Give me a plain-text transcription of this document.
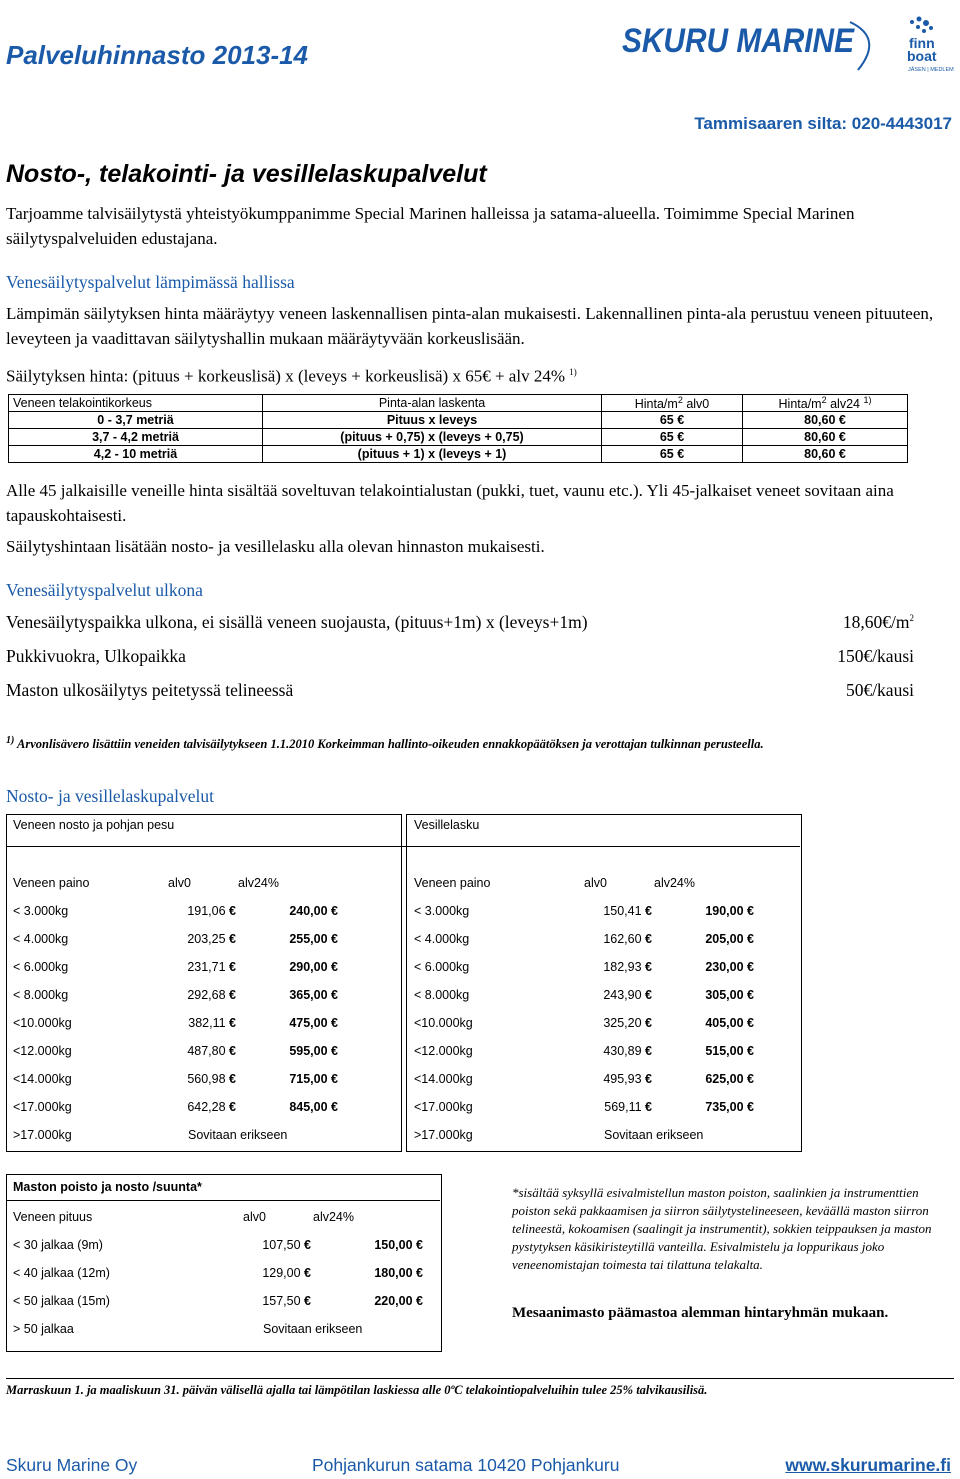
Palveluhinnasto 2013-14	SKURU MARINE	finn
boat
JÄSEN | MEDLEM
Tammisaaren silta: 020-4443017
Nosto-, telakointi- ja vesillelaskupalvelut
Tarjoamme talvisäilytystä yhteistyökumppanimme Special Marinen halleissa ja satama-alueella. Toimimme Special Marinen säilytyspalveluiden edustajana.
Venesäilytyspalvelut lämpimässä hallissa
Lämpimän säilytyksen hinta määräytyy veneen laskennallisen pinta-alan mukaisesti. Lakennallinen pinta-ala perustuu veneen pituuteen, leveyteen ja vaadittavan säilytyshallin mukaan määräytyvään korkeuslisään.
Säilytyksen hinta: (pituus + korkeuslisä) x (leveys + korkeuslisä) x 65€ + alv 24% $^{1)}$
Veneen telakointikorkeus	Pinta-alan laskenta	Hinta/$m^2$ alv0	Hinta/$m^2$ alv24 $^{1)}$
0 - 3,7 metriä	Pituus x leveys	65 €	80,60 €
3,7 - 4,2 metriä	(pituus + 0,75) x (leveys + 0,75)	65 €	80,60 €
4,2 - 10 metriä	(pituus + 1) x (leveys + 1)	65 €	80,60 €
Alle 45 jalkaisille veneille hinta sisältää soveltuvan telakointialustan (pukki, tuet, vaunu etc.). Yli 45-jalkaiset veneet sovitaan aina tapauskohtaisesti.
Säilytyshintaan lisätään nosto- ja vesillelasku alla olevan hinnaston mukaisesti.
Venesäilytyspalvelut ulkona
Venesäilytyspaikka ulkona, ei sisällä veneen suojausta, (pituus+1m) x (leveys+1m)	$18,60€/m^2$
Pukkivuokra, Ulkopaikka	150€/kausi
Maston ulkosäilytys peitetyssä telineessä	50€/kausi
$^{1)}$ Arvonlisävero lisättiin veneiden talvisäilytykseen 1.1.2010 Korkeimman hallinto-oikeuden ennakkopäätöksen ja verottajan tulkinnan perusteella.
Nosto- ja vesillelaskupalvelut
Veneen nosto ja pohjan pesu	Vesillelasku
Veneen paino	alv0	alv24%
< 3.000kg	191,06 €	240,00 €
< 4.000kg	203,25 €	255,00 €
< 6.000kg	231,71 €	290,00 €
< 8.000kg	292,68 €	365,00 €
<10.000kg	382,11 €	475,00 €
<12.000kg	487,80 €	595,00 €
<14.000kg	560,98 €	715,00 €
<17.000kg	642,28 €	845,00 €
>17.000kg	Sovitaan erikseen	
Veneen paino	alv0	alv24%
< 3.000kg	150,41 €	190,00 €
< 4.000kg	162,60 €	205,00 €
< 6.000kg	182,93 €	230,00 €
< 8.000kg	243,90 €	305,00 €
<10.000kg	325,20 €	405,00 €
<12.000kg	430,89 €	515,00 €
<14.000kg	495,93 €	625,00 €
<17.000kg	569,11 €	735,00 €
>17.000kg	Sovitaan erikseen	
Maston poisto ja nosto /suunta*
Veneen pituus	alv0	alv24%
< 30 jalkaa (9m)	107,50 €	150,00 €
< 40 jalkaa (12m)	129,00 €	180,00 €
< 50 jalkaa (15m)	157,50 €	220,00 €
> 50 jalkaa	Sovitaan erikseen	
*sisältää syksyllä esivalmistellun maston poiston, saalinkien ja instrumenttien poiston sekä pakkaamisen ja siirron säilytystelineeseen, keväällä maston siirron telineestä, kokoamisen (saalingit ja instrumentit), sokkien teippauksen ja maston pystytyksen käsikiristeytillä vanteilla. Esivalmistelu ja loppurikaus joko veneenomistajan toimesta tai tilattuna telakalta.
Mesaanimasto päämastoa alemman hintaryhmän mukaan.
Marraskuun 1. ja maaliskuun 31. päivän välisellä ajalla tai lämpötilan laskiessa alle 0ºC telakointiopalveluihin tulee 25% talvikausilisä.
Skuru Marine Oy	Pohjankurun satama 10420 Pohjankuru	www.skurumarine.fi
